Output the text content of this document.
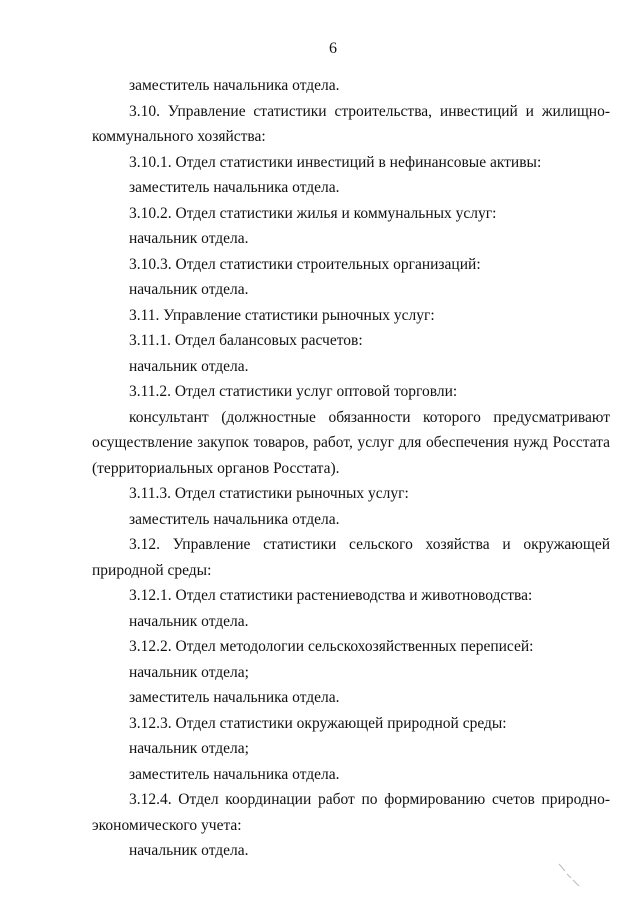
6

заместитель начальника отдела.

3.10. Управление статистики строительства, инвестиций и жилищно-

коммунального хозяйства:

3.10.1. Отдел статистики инвестиций в нефинансовые активы:

заместитель начальника отдела.

3.10.2. Отдел статистики жилья и коммунальных услуг:

начальник отдела.

3.10.3. Отдел статистики строительных организаций:

начальник отдела.

3.11. Управление статистики рыночных услуг:

3.11.1. Отдел балансовых расчетов:

начальник отдела.

3.11.2. Отдел статистики услуг оптовой торговли:

консультант (должностные обязанности которого предусматривают

осуществление закупок товаров, работ, услуг для обеспечения нужд Росстата

(территориальных органов Росстата).

3.11.3. Отдел статистики рыночных услуг:

заместитель начальника отдела.

3.12. Управление статистики сельского хозяйства и окружающей

природной среды:

3.12.1. Отдел статистики растениеводства и животноводства:

начальник отдела.

3.12.2. Отдел методологии сельскохозяйственных переписей:

начальник отдела;

заместитель начальника отдела.

3.12.3. Отдел статистики окружающей природной среды:

начальник отдела;

заместитель начальника отдела.

3.12.4. Отдел координации работ по формированию счетов природно-

экономического учета:

начальник отдела.
